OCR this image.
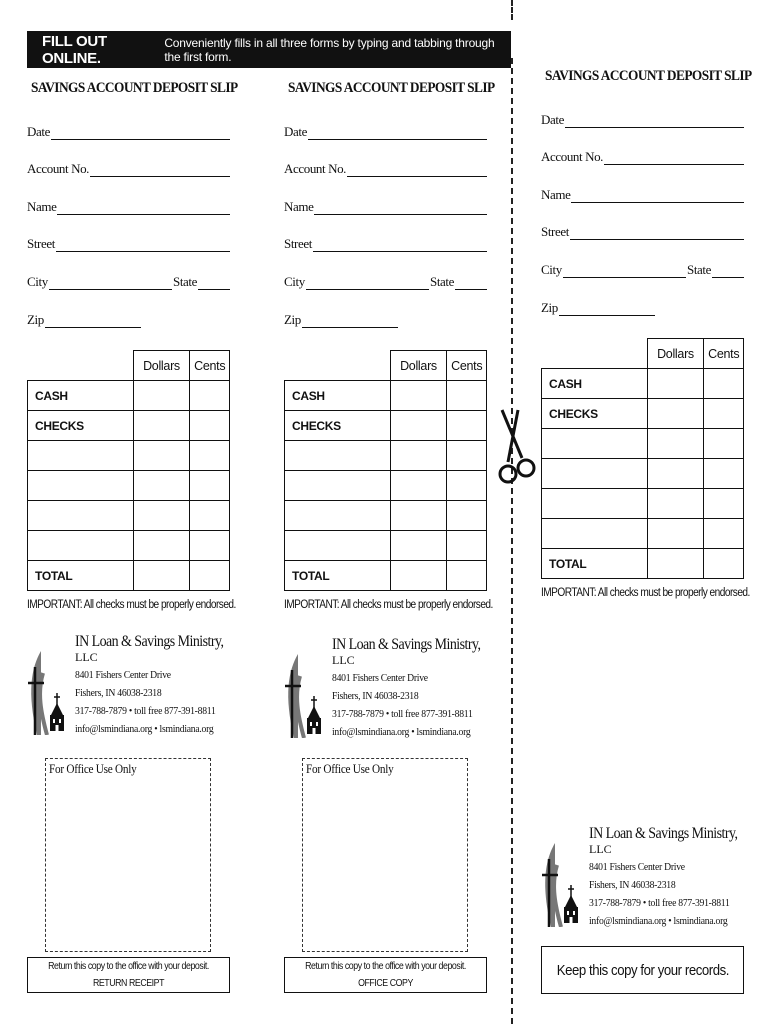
FILL OUT ONLINE.
Conveniently fills in all three forms by typing and tabbing through the first form.
SAVINGS ACCOUNT DEPOSIT SLIP
Date
Account No.
Name
Street
City	State
Zip
	Dollars	Cents
CASH		
CHECKS		

TOTAL		
IMPORTANT: All checks must be properly endorsed.
IN Loan & Savings Ministry,
LLC
8401 Fishers Center Drive
Fishers, IN 46038-2318
317-788-7879 • toll free 877-391-8811
info@lsmindiana.org • lsmindiana.org
For Office Use Only
Return this copy to the office with your deposit.
RETURN RECEIPT
SAVINGS ACCOUNT DEPOSIT SLIP
Date
Account No.
Name
Street
City	State
Zip
	Dollars	Cents
CASH		
CHECKS		

TOTAL		
IMPORTANT: All checks must be properly endorsed.
IN Loan & Savings Ministry,
LLC
8401 Fishers Center Drive
Fishers, IN 46038-2318
317-788-7879 • toll free 877-391-8811
info@lsmindiana.org • lsmindiana.org
For Office Use Only
Return this copy to the office with your deposit.
OFFICE COPY
SAVINGS ACCOUNT DEPOSIT SLIP
Date
Account No.
Name
Street
City	State
Zip
	Dollars	Cents
CASH		
CHECKS		

TOTAL		
IMPORTANT: All checks must be properly endorsed.
IN Loan & Savings Ministry,
LLC
8401 Fishers Center Drive
Fishers, IN 46038-2318
317-788-7879 • toll free 877-391-8811
info@lsmindiana.org • lsmindiana.org
Keep this copy for your records.
